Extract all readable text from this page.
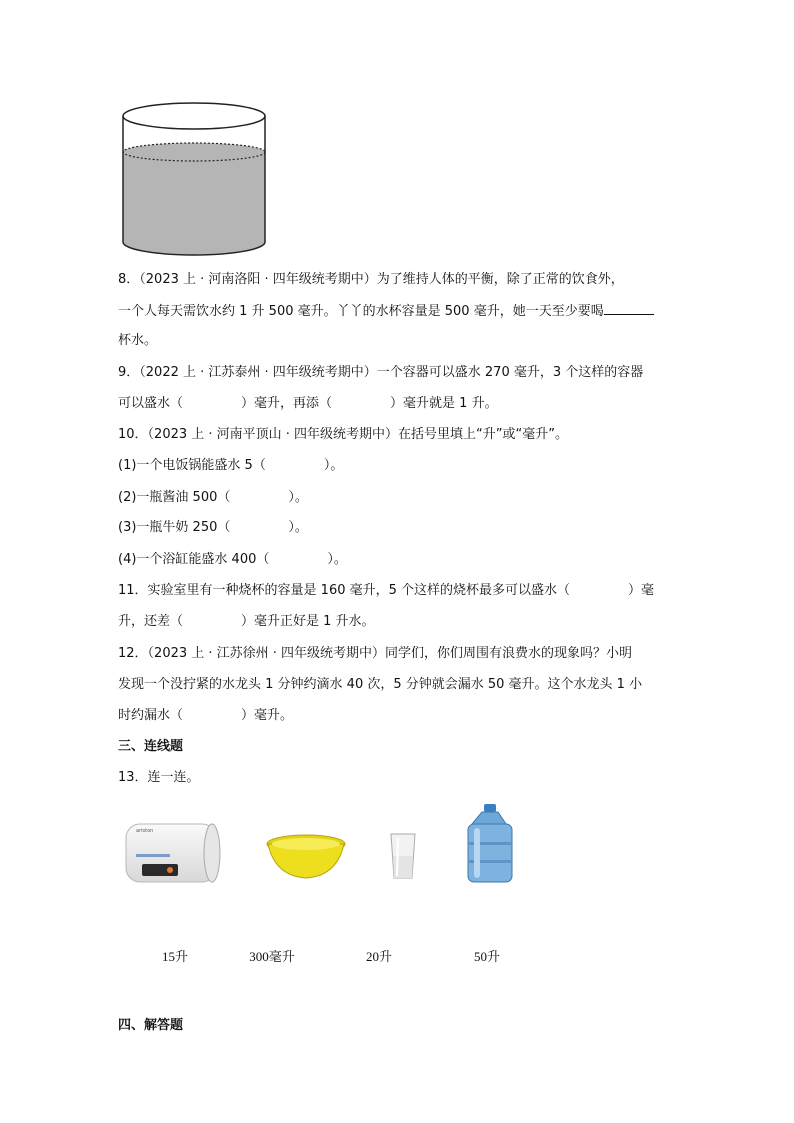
8．（2023 上 · 河南洛阳 · 四年级统考期中）为了维持人体的平衡，除了正常的饮食外，
一个人每天需饮水约 1 升 500 毫升。丫丫的水杯容量是 500 毫升，她一天至少要喝
杯水。
9．（2022 上 · 江苏泰州 · 四年级统考期中）一个容器可以盛水 270 毫升，3 个这样的容器
可以盛水（	）毫升，再添（	）毫升就是 1 升。
10．（2023 上 · 河南平顶山 · 四年级统考期中）在括号里填上“升”或“毫升”。
(1)一个电饭锅能盛水 5（	）。
(2)一瓶酱油 500（	）。
(3)一瓶牛奶 250（	）。
(4)一个浴缸能盛水 400（	）。
11．实验室里有一种烧杯的容量是 160 毫升，5 个这样的烧杯最多可以盛水（	）毫
升，还差（	）毫升正好是 1 升水。
12．（2023 上 · 江苏徐州 · 四年级统考期中）同学们，你们周围有浪费水的现象吗？小明
发现一个没拧紧的水龙头 1 分钟约滴水 40 次，5 分钟就会漏水 50 毫升。这个水龙头 1 小
时约漏水（	）毫升。
三、连线题
13．连一连。
ariston
15升	300毫升	20升	50升
四、解答题
